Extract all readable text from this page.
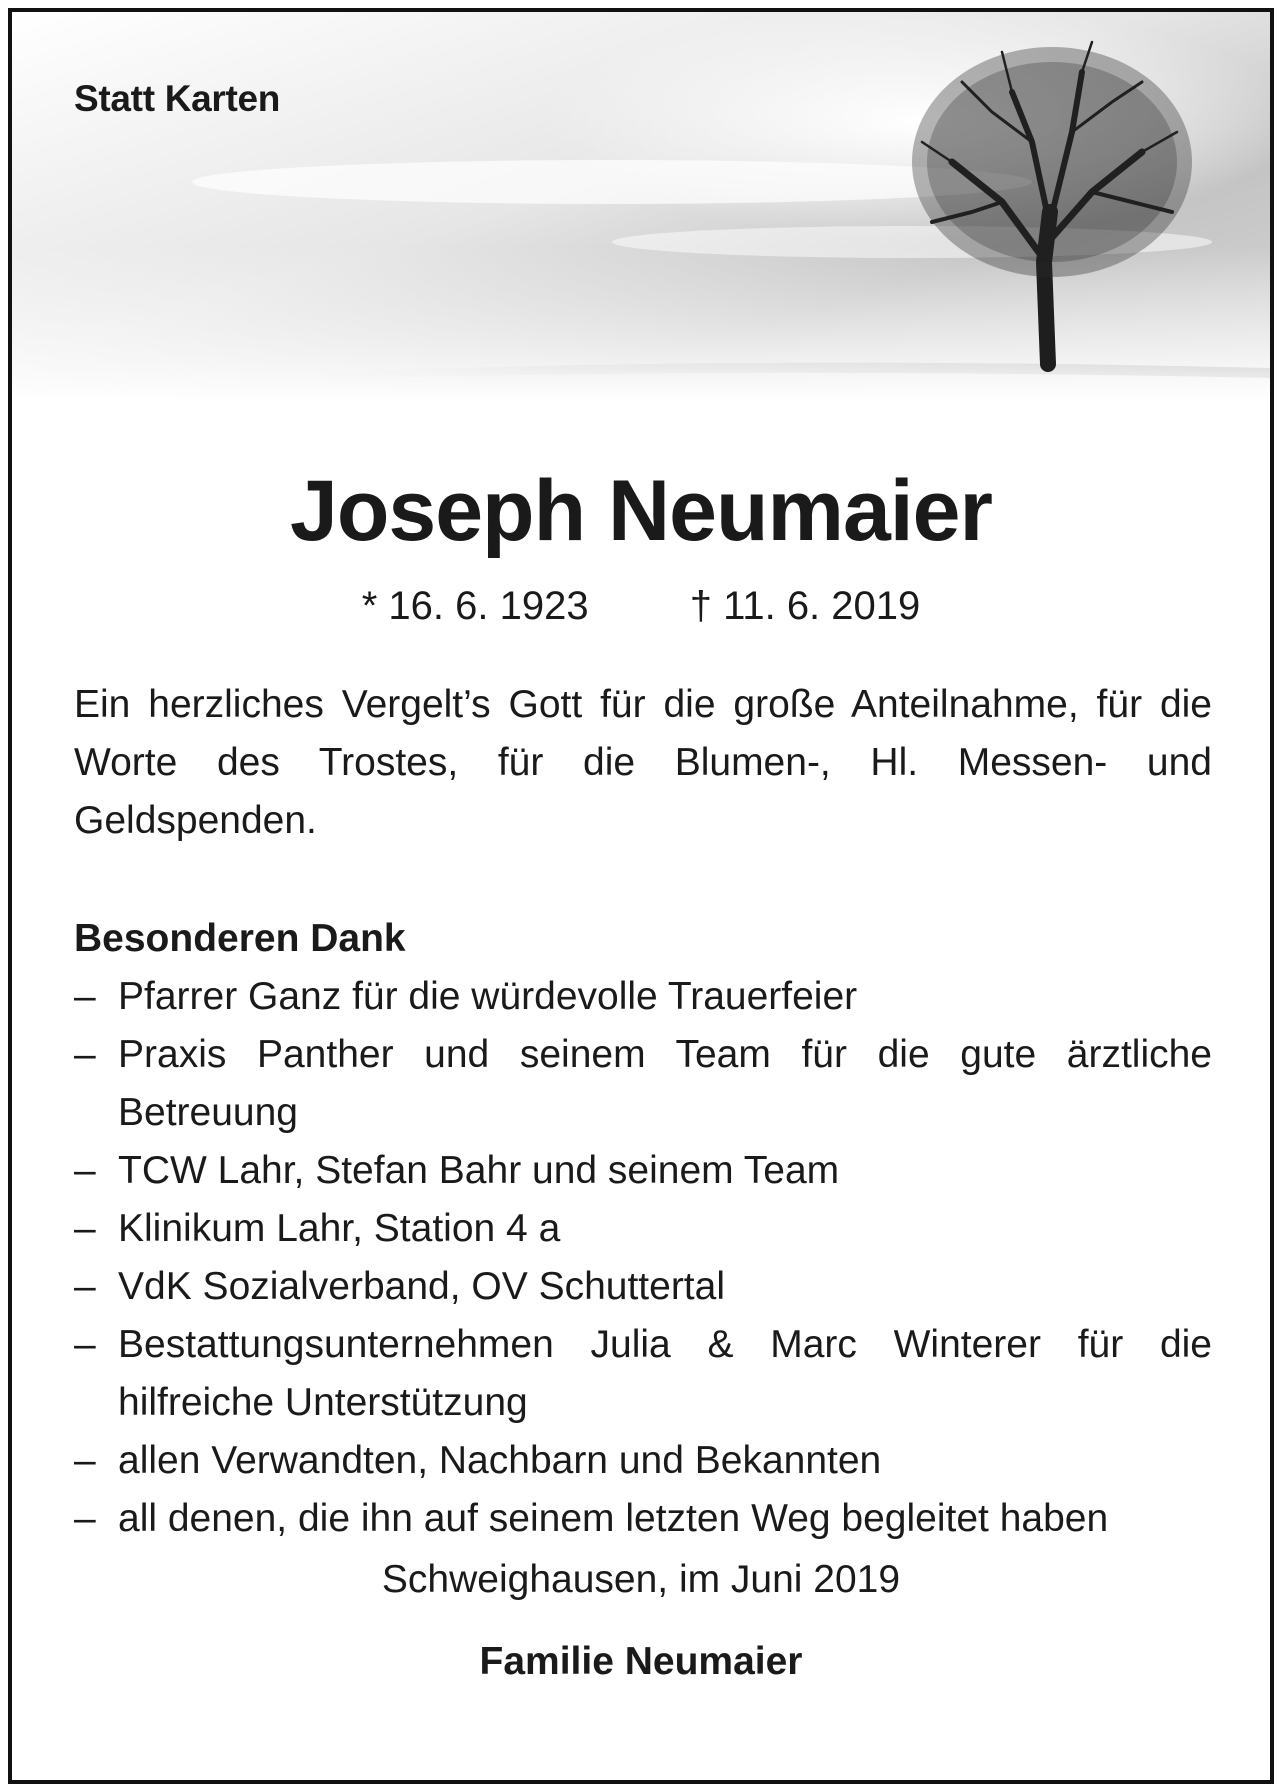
Statt Karten
Joseph Neumaier
* 16. 6. 1923	† 11. 6. 2019
Ein herzliches Vergelt’s Gott für die große Anteilnahme, für die Worte des Trostes, für die Blumen-, Hl. Messen- und Geldspenden.
Besonderen Dank
– Pfarrer Ganz für die würdevolle Trauerfeier
– Praxis Panther und seinem Team für die gute ärztliche Betreuung
– TCW Lahr, Stefan Bahr und seinem Team
– Klinikum Lahr, Station 4 a
– VdK Sozialverband, OV Schuttertal
– Bestattungsunternehmen Julia & Marc Winterer für die hilfreiche Unterstützung
– allen Verwandten, Nachbarn und Bekannten
– all denen, die ihn auf seinem letzten Weg begleitet haben
Schweighausen, im Juni 2019
Familie Neumaier
